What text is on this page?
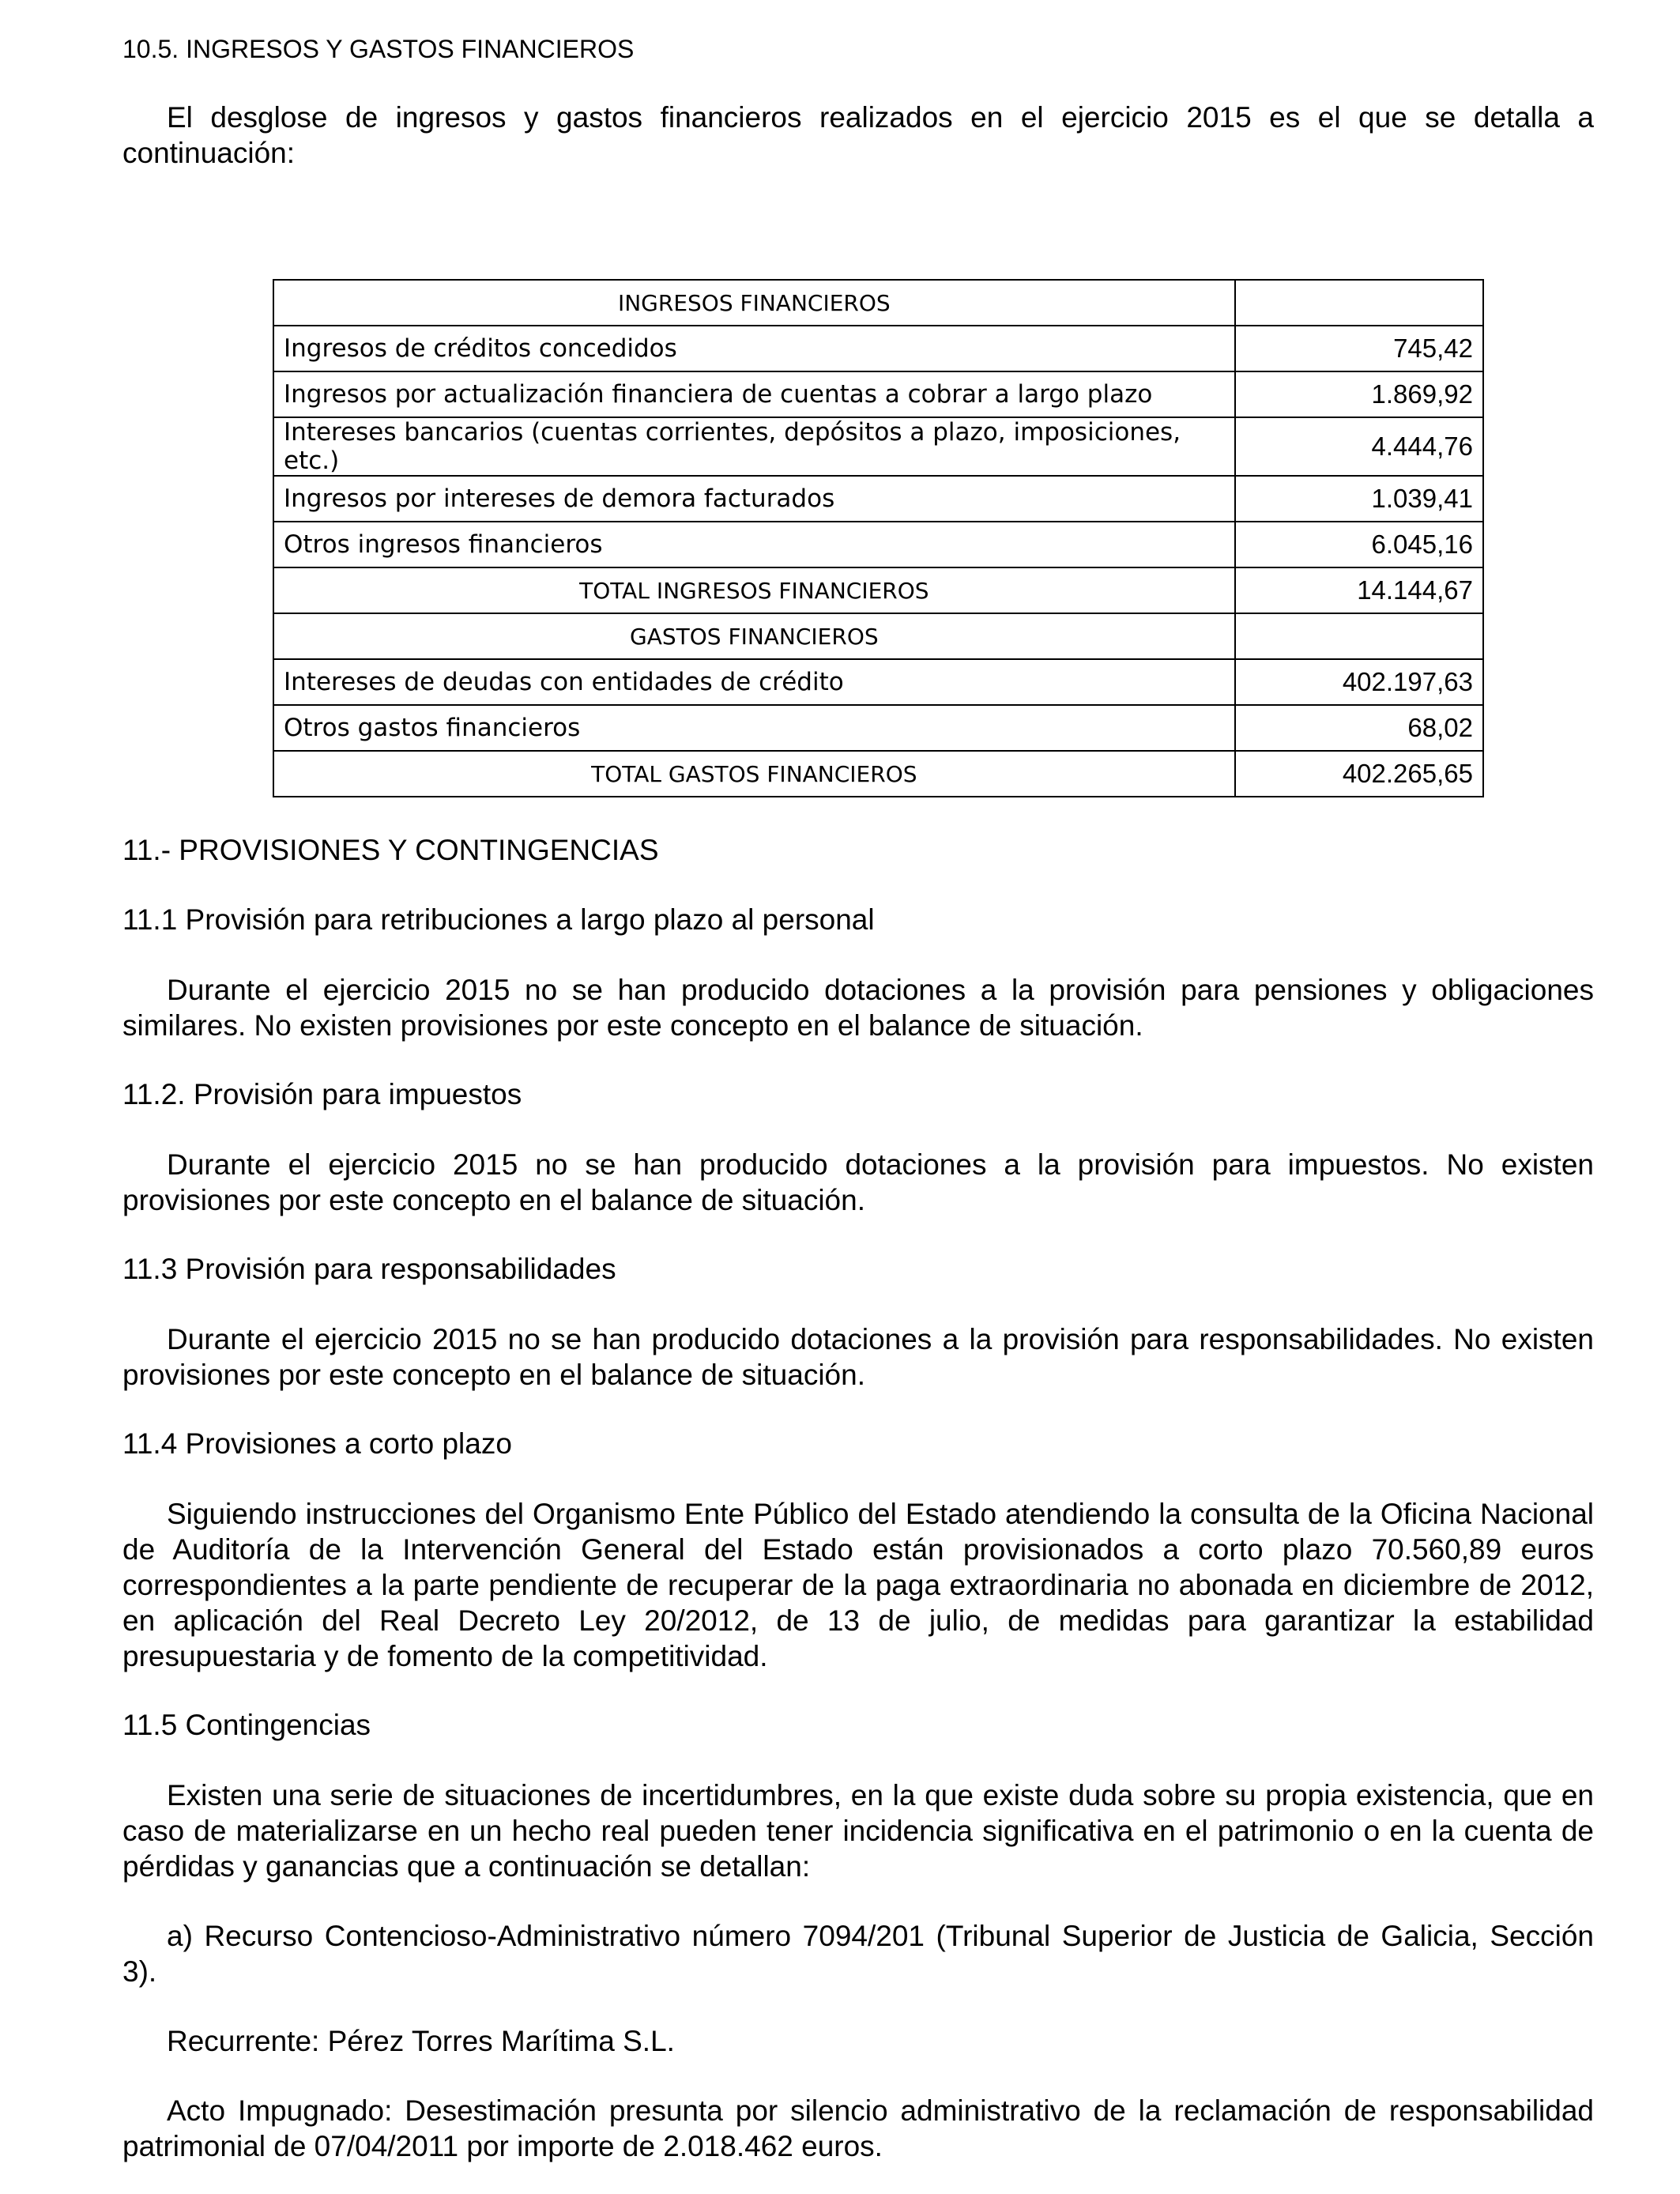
10.5. INGRESOS Y GASTOS FINANCIEROS

El desglose de ingresos y gastos financieros realizados en el ejercicio 2015 es el que se detalla a

continuación:

INGRESOS FINANCIEROS	
Ingresos de créditos concedidos	745,42
Ingresos por actualización financiera de cuentas a cobrar a largo plazo	1.869,92
Intereses bancarios (cuentas corrientes, depósitos a plazo, imposiciones, etc.)	4.444,76
Ingresos por intereses de demora facturados	1.039,41
Otros ingresos financieros	6.045,16
TOTAL INGRESOS FINANCIEROS	14.144,67
GASTOS FINANCIEROS	
Intereses de deudas con entidades de crédito	402.197,63
Otros gastos financieros	68,02
TOTAL GASTOS FINANCIEROS	402.265,65

11.- PROVISIONES Y CONTINGENCIAS

11.1 Provisión para retribuciones a largo plazo al personal

Durante el ejercicio 2015 no se han producido dotaciones a la provisión para pensiones y obligaciones similares. No existen provisiones por este concepto en el balance de situación.

11.2. Provisión para impuestos

Durante el ejercicio 2015 no se han producido dotaciones a la provisión para impuestos. No existen provisiones por este concepto en el balance de situación.

11.3 Provisión para responsabilidades

Durante el ejercicio 2015 no se han producido dotaciones a la provisión para responsabilidades. No existen provisiones por este concepto en el balance de situación.

11.4 Provisiones a corto plazo

Siguiendo instrucciones del Organismo Ente Público del Estado atendiendo la consulta de la Oficina Nacional de Auditoría de la Intervención General del Estado están provisionados a corto plazo 70.560,89 euros correspondientes a la parte pendiente de recuperar de la paga extraordinaria no abonada en diciembre de 2012, en aplicación del Real Decreto Ley 20/2012, de 13 de julio, de medidas para garantizar la estabilidad presupuestaria y de fomento de la competitividad.

11.5 Contingencias

Existen una serie de situaciones de incertidumbres, en la que existe duda sobre su propia existencia, que en caso de materializarse en un hecho real pueden tener incidencia significativa en el patrimonio o en la cuenta de pérdidas y ganancias que a continuación se detallan:

a) Recurso Contencioso-Administrativo número 7094/201 (Tribunal Superior de Justicia de Galicia, Sección 3).

Recurrente: Pérez Torres Marítima S.L.

Acto Impugnado: Desestimación presunta por silencio administrativo de la reclamación de responsabilidad patrimonial de 07/04/2011 por importe de 2.018.462 euros.
